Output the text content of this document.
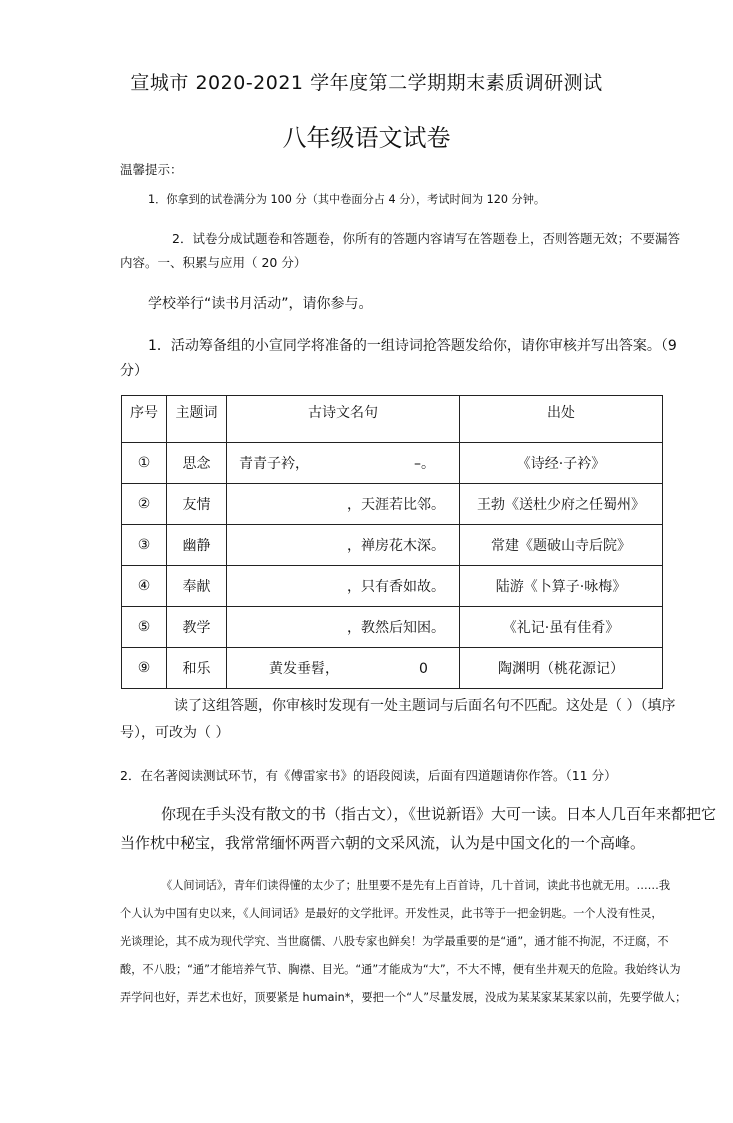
宣城市 2020-2021 学年度第二学期期末素质调研测试
八年级语文试卷
温馨提示：
1．你拿到的试卷满分为 100 分（其中卷面分占 4 分），考试时间为 120 分钟。
2．试卷分成试题卷和答题卷，你所有的答题内容请写在答题卷上，否则答题无效；不要漏答
内容。一、积累与应用（ 20 分）
学校举行“读书月活动”，请你参与。
1．活动筹备组的小宣同学将准备的一组诗词抢答题发给你，请你审核并写出答案。（9
分）
序号	主题词	古诗文名句	出处
①	思念	青青子衿， –。	《诗经·子衿》
②	友情	，天涯若比邻。	王勃《送杜少府之任蜀州》
③	幽静	，禅房花木深。	常建《题破山寺后院》
④	奉献	，只有香如故。	陆游《卜算子·咏梅》
⑤	教学	，教然后知困。	《礼记·虽有佳肴》
⑨	和乐	黄发垂髫， 0	陶渊明（桃花源记）
读了这组答题，你审核时发现有一处主题词与后面名句不匹配。这处是（ ）（填序
号），可改为（ ）
2．在名著阅读测试环节，有《傅雷家书》的语段阅读，后面有四道题请你作答。（11 分）
你现在手头没有散文的书（指古文），《世说新语》大可一读。日本人几百年来都把它
当作枕中秘宝，我常常缅怀两晋六朝的文采风流，认为是中国文化的一个高峰。
《人间词话》，青年们读得懂的太少了；肚里要不是先有上百首诗，几十首词，读此书也就无用。……我
个人认为中国有史以来，《人间词话》是最好的文学批评。开发性灵，此书等于一把金钥匙。一个人没有性灵，
光谈理论，其不成为现代学究、当世腐儒、八股专家也鲜矣！为学最重要的是“通”，通才能不拘泥，不迂腐，不
酸，不八股；“通”才能培养气节、胸襟、目光。“通”才能成为“大”，不大不博，便有坐井观天的危险。我始终认为
弄学问也好，弄艺术也好，顶要紧是 humain*，要把一个“人”尽量发展，没成为某某家某某家以前，先要学做人；
